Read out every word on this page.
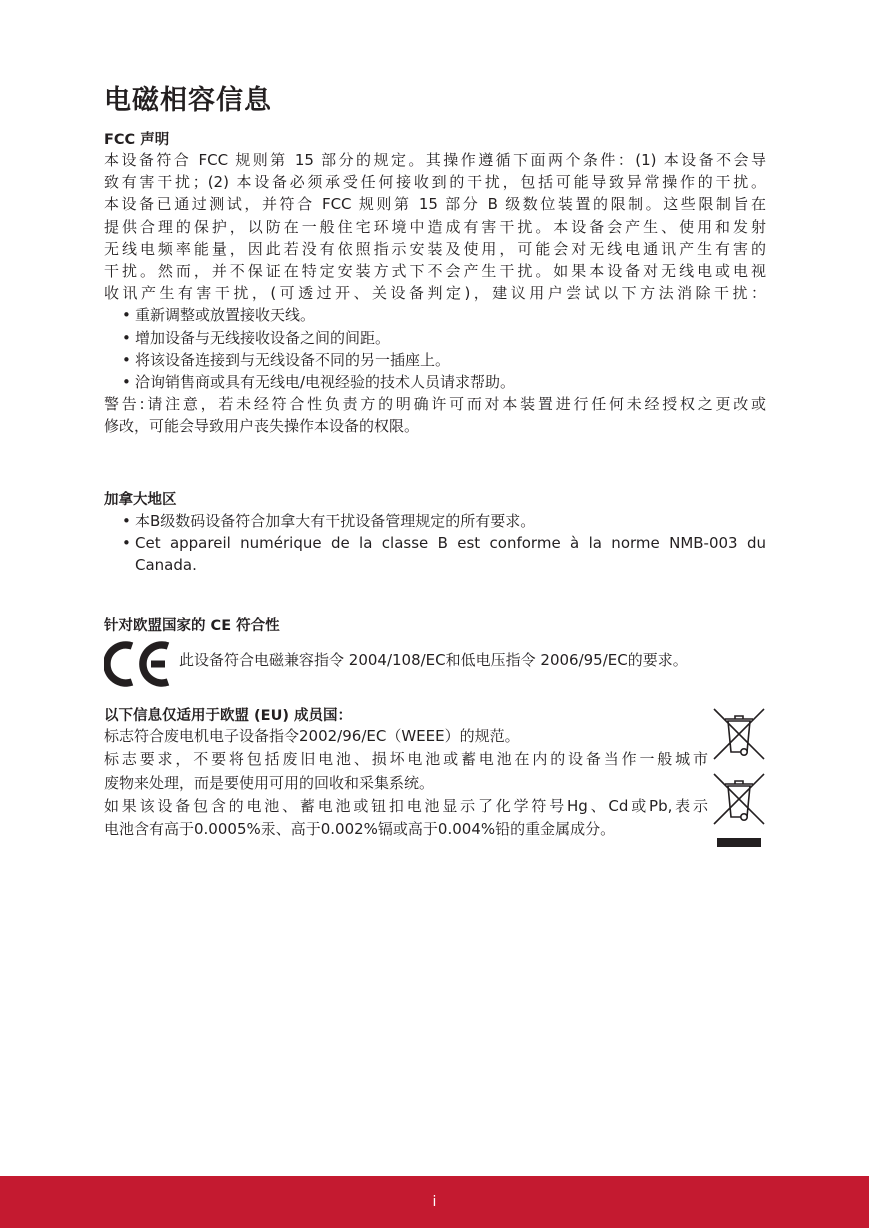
电磁相容信息
FCC 声明
本设备符合 FCC 规则第 15 部分的规定。其操作遵循下面两个条件：(1) 本设备不会导
致有害干扰；(2) 本设备必须承受任何接收到的干扰，包括可能导致异常操作的干扰。
本设备已通过测试，并符合 FCC 规则第 15 部分 B 级数位装置的限制。这些限制旨在
提供合理的保护，以防在一般住宅环境中造成有害干扰。本设备会产生、使用和发射
无线电频率能量，因此若没有依照指示安装及使用，可能会对无线电通讯产生有害的
干扰。然而，并不保证在特定安装方式下不会产生干扰。如果本设备对无线电或电视
收讯产生有害干扰，(可透过开、关设备判定)，建议用户尝试以下方法消除干扰：
• 重新调整或放置接收天线。
• 增加设备与无线接收设备之间的间距。
• 将该设备连接到与无线设备不同的另一插座上。
• 洽询销售商或具有无线电/电视经验的技术人员请求帮助。
警告:请注意，若未经符合性负责方的明确许可而对本装置进行任何未经授权之更改或
修改，可能会导致用户丧失操作本设备的权限。
加拿大地区
• 本B级数码设备符合加拿大有干扰设备管理规定的所有要求。
• Cet appareil numérique de la classe B est conforme à la norme NMB-003 du Canada.
针对欧盟国家的 CE 符合性
此设备符合电磁兼容指令 2004/108/EC和低电压指令 2006/95/EC的要求。
以下信息仅适用于欧盟 (EU) 成员国：
标志符合废电机电子设备指令2002/96/EC（WEEE）的规范。
标志要求，不要将包括废旧电池、损坏电池或蓄电池在内的设备当作一般城市
废物来处理，而是要使用可用的回收和采集系统。
如果该设备包含的电池、蓄电池或钮扣电池显示了化学符号Hg、Cd或Pb,表示
电池含有高于0.0005%汞、高于0.002%镉或高于0.004%铅的重金属成分。
i
